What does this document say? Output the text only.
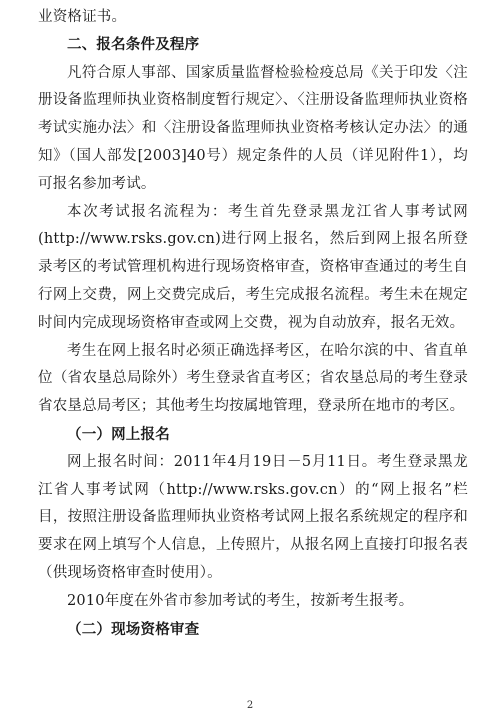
业资格证书。

二、报名条件及程序

凡符合原人事部、国家质量监督检验检疫总局《关于印发〈注册设备监理师执业资格制度暂行规定〉、〈注册设备监理师执业资格考试实施办法〉和〈注册设备监理师执业资格考核认定办法〉的通知》（国人部发[2003]40号）规定条件的人员（详见附件1），均可报名参加考试。

本次考试报名流程为：考生首先登录黑龙江省人事考试网(http://www.rsks.gov.cn)进行网上报名，然后到网上报名所登录考区的考试管理机构进行现场资格审查，资格审查通过的考生自行网上交费，网上交费完成后，考生完成报名流程。考生未在规定时间内完成现场资格审查或网上交费，视为自动放弃，报名无效。

考生在网上报名时必须正确选择考区，在哈尔滨的中、省直单位（省农垦总局除外）考生登录省直考区；省农垦总局的考生登录省农垦总局考区；其他考生均按属地管理，登录所在地市的考区。

（一）网上报名

网上报名时间：2011年4月19日－5月11日。考生登录黑龙江省人事考试网（http://www.rsks.gov.cn）的“网上报名”栏目，按照注册设备监理师执业资格考试网上报名系统规定的程序和要求在网上填写个人信息，上传照片，从报名网上直接打印报名表（供现场资格审查时使用）。

2010年度在外省市参加考试的考生，按新考生报考。

（二）现场资格审查

2
